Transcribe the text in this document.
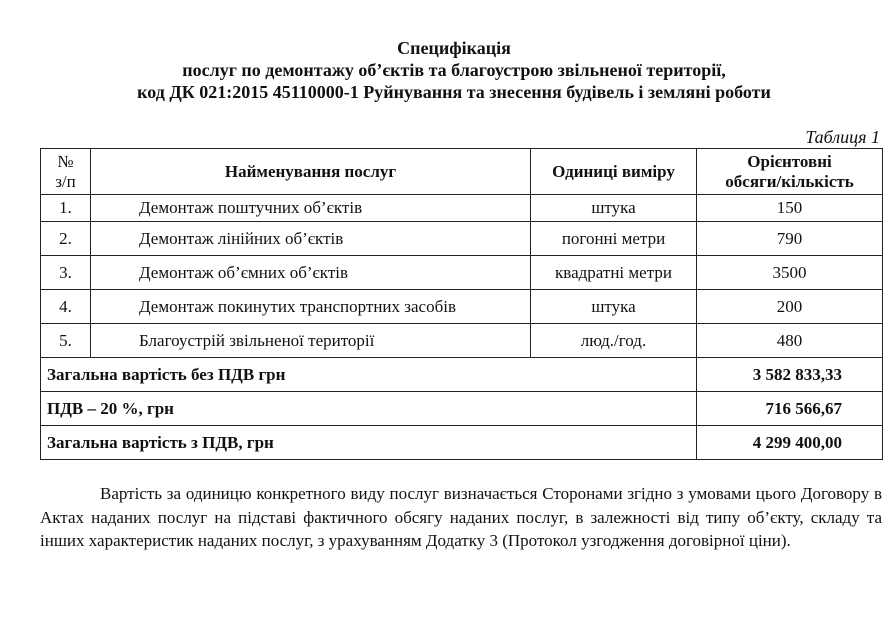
Специфікація
послуг по демонтажу об’єктів та благоустрою звільненої території,
код ДК 021:2015 45110000-1 Руйнування та знесення будівель і земляні роботи
Таблиця 1
№ з/п	Найменування послуг	Одиниці виміру	Орієнтовні обсяги/кількість
1.	Демонтаж поштучних об’єктів	штука	150
2.	Демонтаж лінійних об’єктів	погонні метри	790
3.	Демонтаж об’ємних об’єктів	квадратні метри	3500
4.	Демонтаж покинутих транспортних засобів	штука	200
5.	Благоустрій звільненої території	люд./год.	480
Загальна вартість без ПДВ грн			3 582 833,33
ПДВ – 20 %, грн			716 566,67
Загальна вартість з ПДВ, грн			4 299 400,00
Вартість за одиницю конкретного виду послуг визначається Сторонами згідно з умовами цього Договору в Актах наданих послуг на підставі фактичного обсягу наданих послуг, в залежності від типу об’єкту, складу та інших характеристик наданих послуг, з урахуванням Додатку 3 (Протокол узгодження договірної ціни).
